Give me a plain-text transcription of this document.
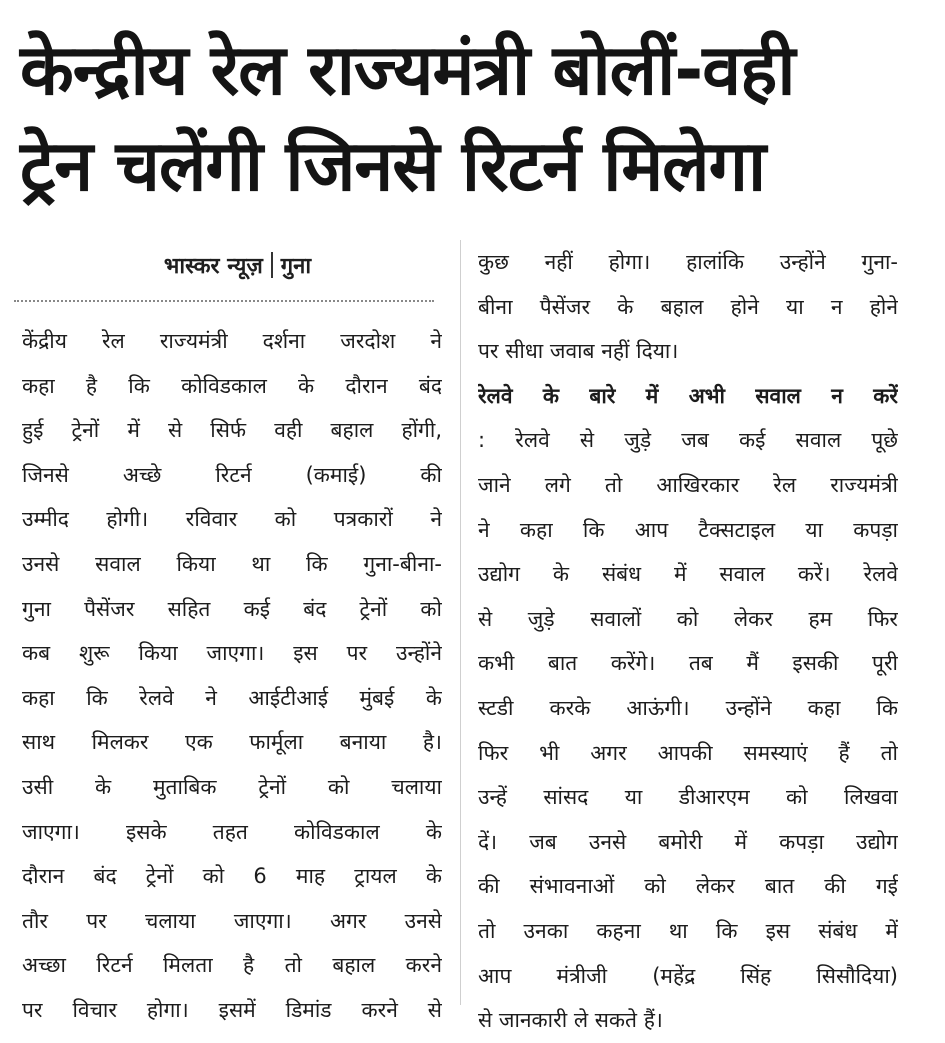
केन्द्रीय रेल राज्यमंत्री बोलीं-वही
ट्रेन चलेंगी जिनसे रिटर्न मिलेगा
भास्कर न्यूज़ गुना
केंद्रीय रेल राज्यमंत्री दर्शना जरदोश ने
कहा है कि कोविडकाल के दौरान बंद
हुई ट्रेनों में से सिर्फ वही बहाल होंगी,
जिनसे अच्छे रिटर्न (कमाई) की
उम्मीद होगी। रविवार को पत्रकारों ने
उनसे सवाल किया था कि गुना-बीना-
गुना पैसेंजर सहित कई बंद ट्रेनों को
कब शुरू किया जाएगा। इस पर उन्होंने
कहा कि रेलवे ने आईटीआई मुंबई के
साथ मिलकर एक फार्मूला बनाया है।
उसी के मुताबिक ट्रेनों को चलाया
जाएगा। इसके तहत कोविडकाल के
दौरान बंद ट्रेनों को 6 माह ट्रायल के
तौर पर चलाया जाएगा। अगर उनसे
अच्छा रिटर्न मिलता है तो बहाल करने
पर विचार होगा। इसमें डिमांड करने से
कुछ नहीं होगा। हालांकि उन्होंने गुना-
बीना पैसेंजर के बहाल होने या न होने
पर सीधा जवाब नहीं दिया।
रेलवे के बारे में अभी सवाल न करें
: रेलवे से जुड़े जब कई सवाल पूछे
जाने लगे तो आखिरकार रेल राज्यमंत्री
ने कहा कि आप टैक्सटाइल या कपड़ा
उद्योग के संबंध में सवाल करें। रेलवे
से जुड़े सवालों को लेकर हम फिर
कभी बात करेंगे। तब मैं इसकी पूरी
स्टडी करके आऊंगी। उन्होंने कहा कि
फिर भी अगर आपकी समस्याएं हैं तो
उन्हें सांसद या डीआरएम को लिखवा
दें। जब उनसे बमोरी में कपड़ा उद्योग
की संभावनाओं को लेकर बात की गई
तो उनका कहना था कि इस संबंध में
आप मंत्रीजी (महेंद्र सिंह सिसौदिया)
से जानकारी ले सकते हैं।
